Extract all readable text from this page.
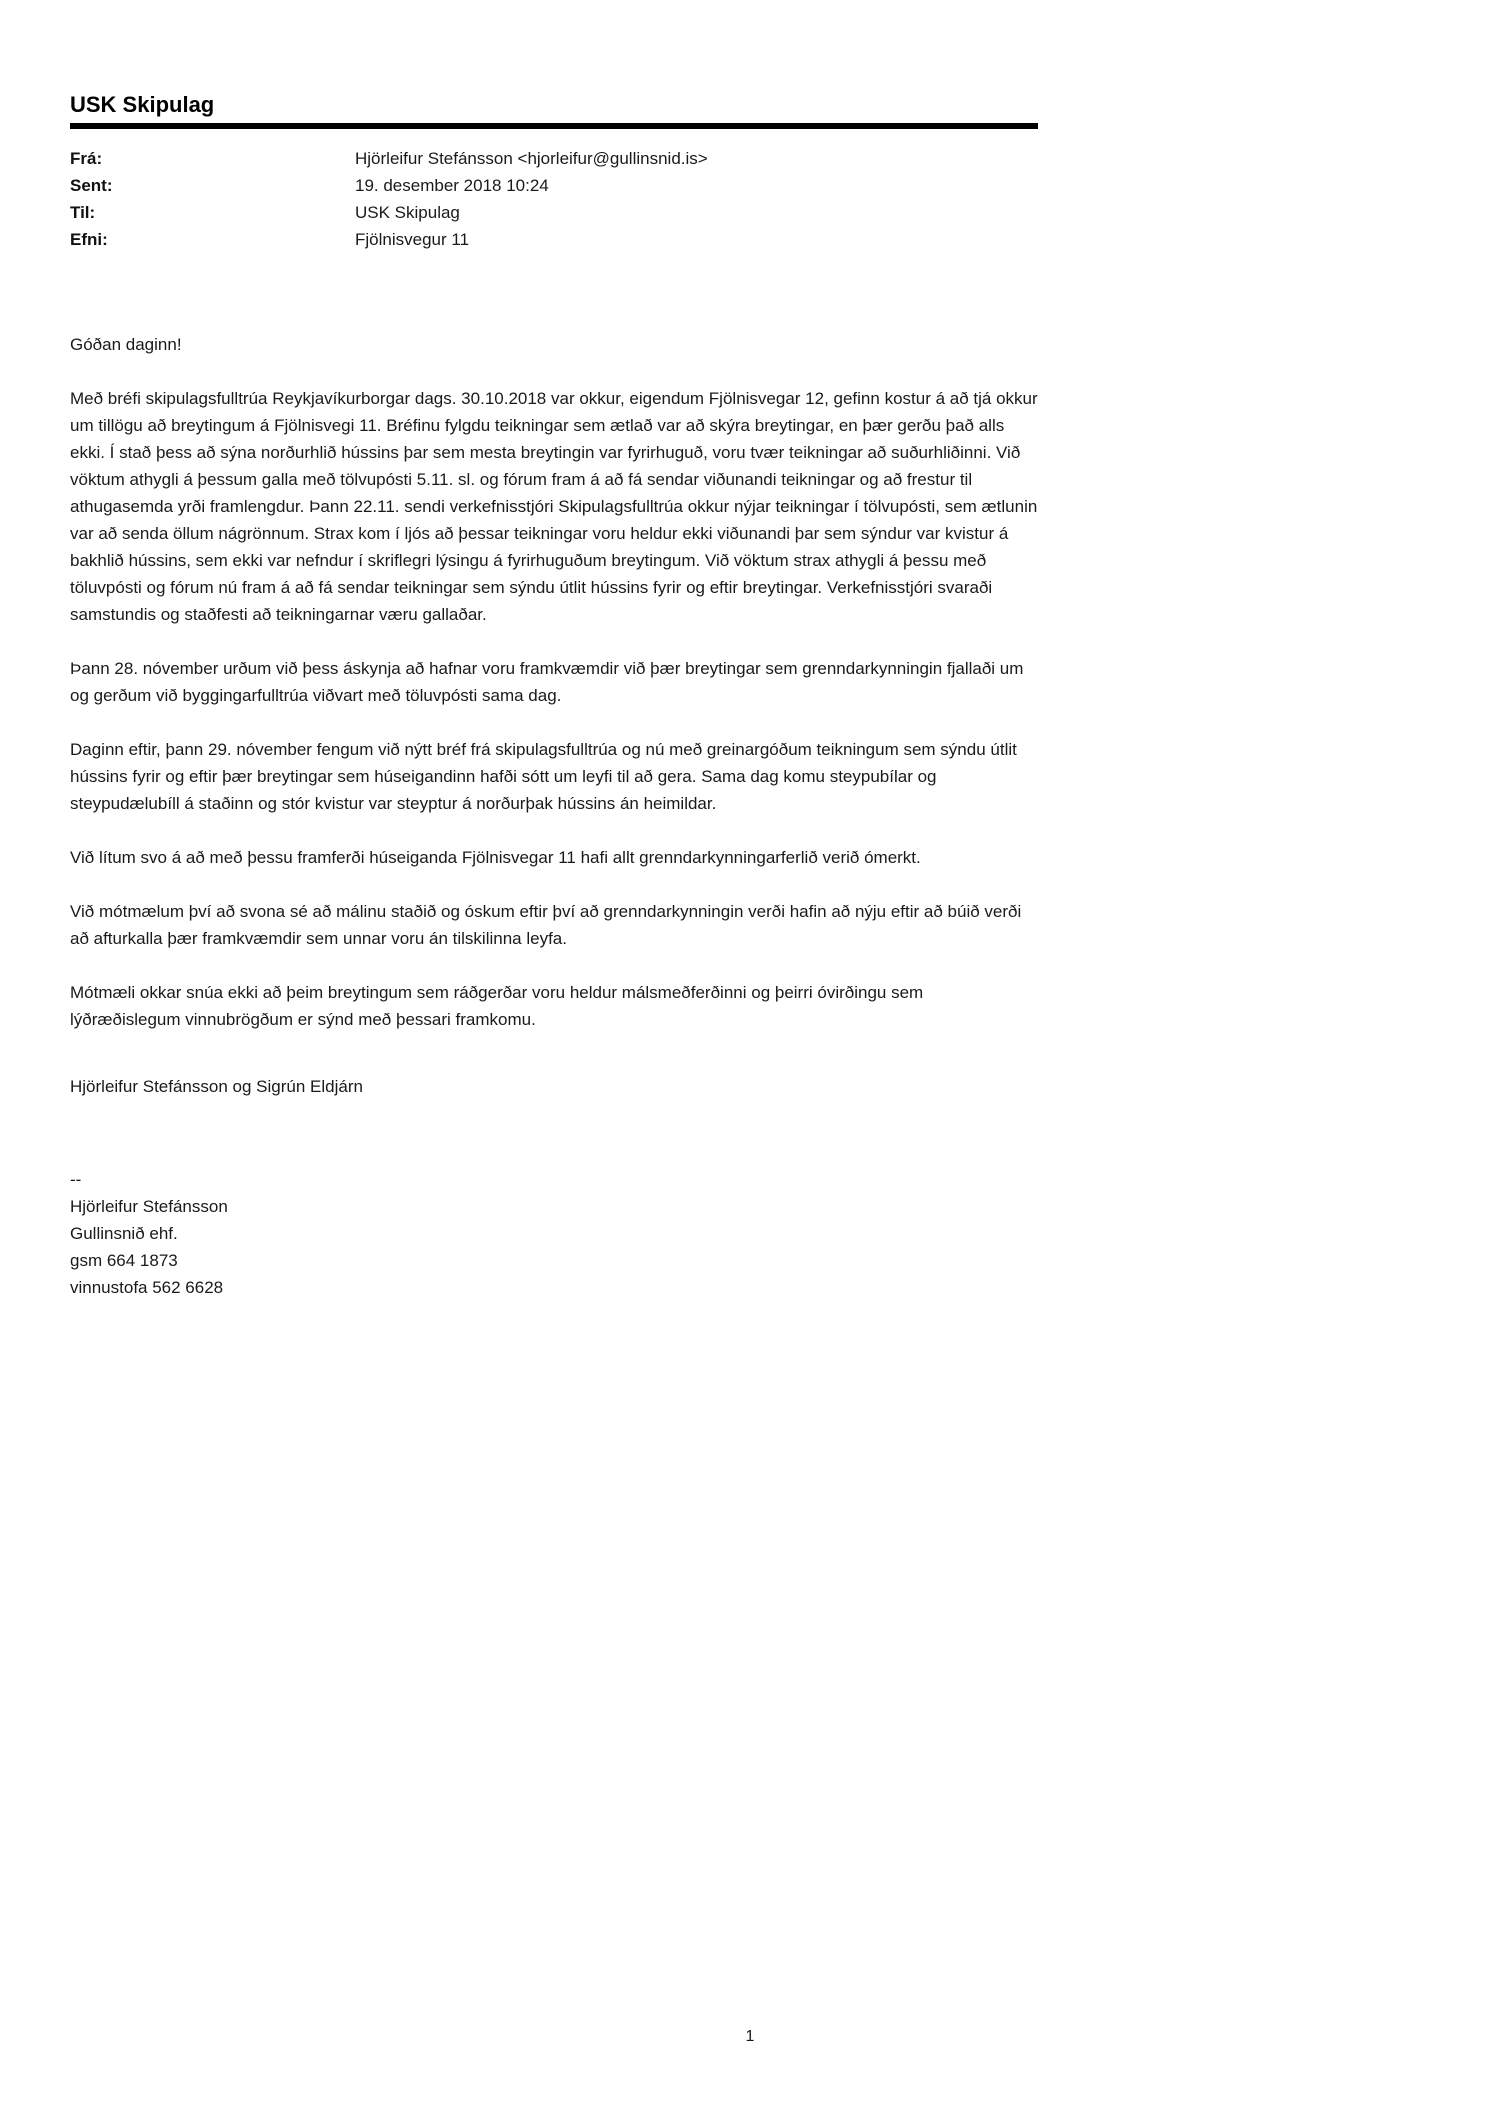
USK Skipulag
Frá:	Hjörleifur Stefánsson <hjorleifur@gullinsnid.is>
Sent:	19. desember 2018 10:24
Til:	USK Skipulag
Efni:	Fjölnisvegur 11

Góðan daginn!

Með bréfi skipulagsfulltrúa Reykjavíkurborgar dags. 30.10.2018 var okkur, eigendum Fjölnisvegar 12, gefinn kostur á að tjá okkur um tillögu að breytingum á Fjölnisvegi 11. Bréfinu fylgdu teikningar sem ætlað var að skýra breytingar, en þær gerðu það alls ekki. Í stað þess að sýna norðurhlið hússins þar sem mesta breytingin var fyrirhuguð, voru tvær teikningar að suðurhliðinni. Við vöktum athygli á þessum galla með tölvupósti 5.11. sl. og fórum fram á að fá sendar viðunandi teikningar og að frestur til athugasemda yrði framlengdur. Þann 22.11. sendi verkefnisstjóri Skipulagsfulltrúa okkur nýjar teikningar í tölvupósti, sem ætlunin var að senda öllum nágrönnum. Strax kom í ljós að þessar teikningar voru heldur ekki viðunandi þar sem sýndur var kvistur á bakhlið hússins, sem ekki var nefndur í skriflegri lýsingu á fyrirhuguðum breytingum. Við vöktum strax athygli á þessu með töluvpósti og fórum nú fram á að fá sendar teikningar sem sýndu útlit hússins fyrir og eftir breytingar. Verkefnisstjóri svaraði samstundis og staðfesti að teikningarnar væru gallaðar.

Þann 28. nóvember urðum við þess áskynja að hafnar voru framkvæmdir við þær breytingar sem grenndarkynningin fjallaði um og gerðum við byggingarfulltrúa viðvart með töluvpósti sama dag.

Daginn eftir, þann 29. nóvember fengum við nýtt bréf frá skipulagsfulltrúa og nú með greinargóðum teikningum sem sýndu útlit hússins fyrir og eftir þær breytingar sem húseigandinn hafði sótt um leyfi til að gera. Sama dag komu steypubílar og steypudælubíll á staðinn og stór kvistur var steyptur á norðurþak hússins án heimildar.

Við lítum svo á að með þessu framferði húseiganda Fjölnisvegar 11 hafi allt grenndarkynningarferlið verið ómerkt.

Við mótmælum því að svona sé að málinu staðið og óskum eftir því að grenndarkynningin verði hafin að nýju eftir að búið verði að afturkalla þær framkvæmdir sem unnar voru án tilskilinna leyfa.

Mótmæli okkar snúa ekki að þeim breytingum sem ráðgerðar voru heldur málsmeðferðinni og þeirri óvirðingu sem lýðræðislegum vinnubrögðum er sýnd með þessari framkomu.

Hjörleifur Stefánsson og Sigrún Eldjárn

--

Hjörleifur Stefánsson

Gullinsnið ehf.

gsm 664 1873

vinnustofa 562 6628

1
